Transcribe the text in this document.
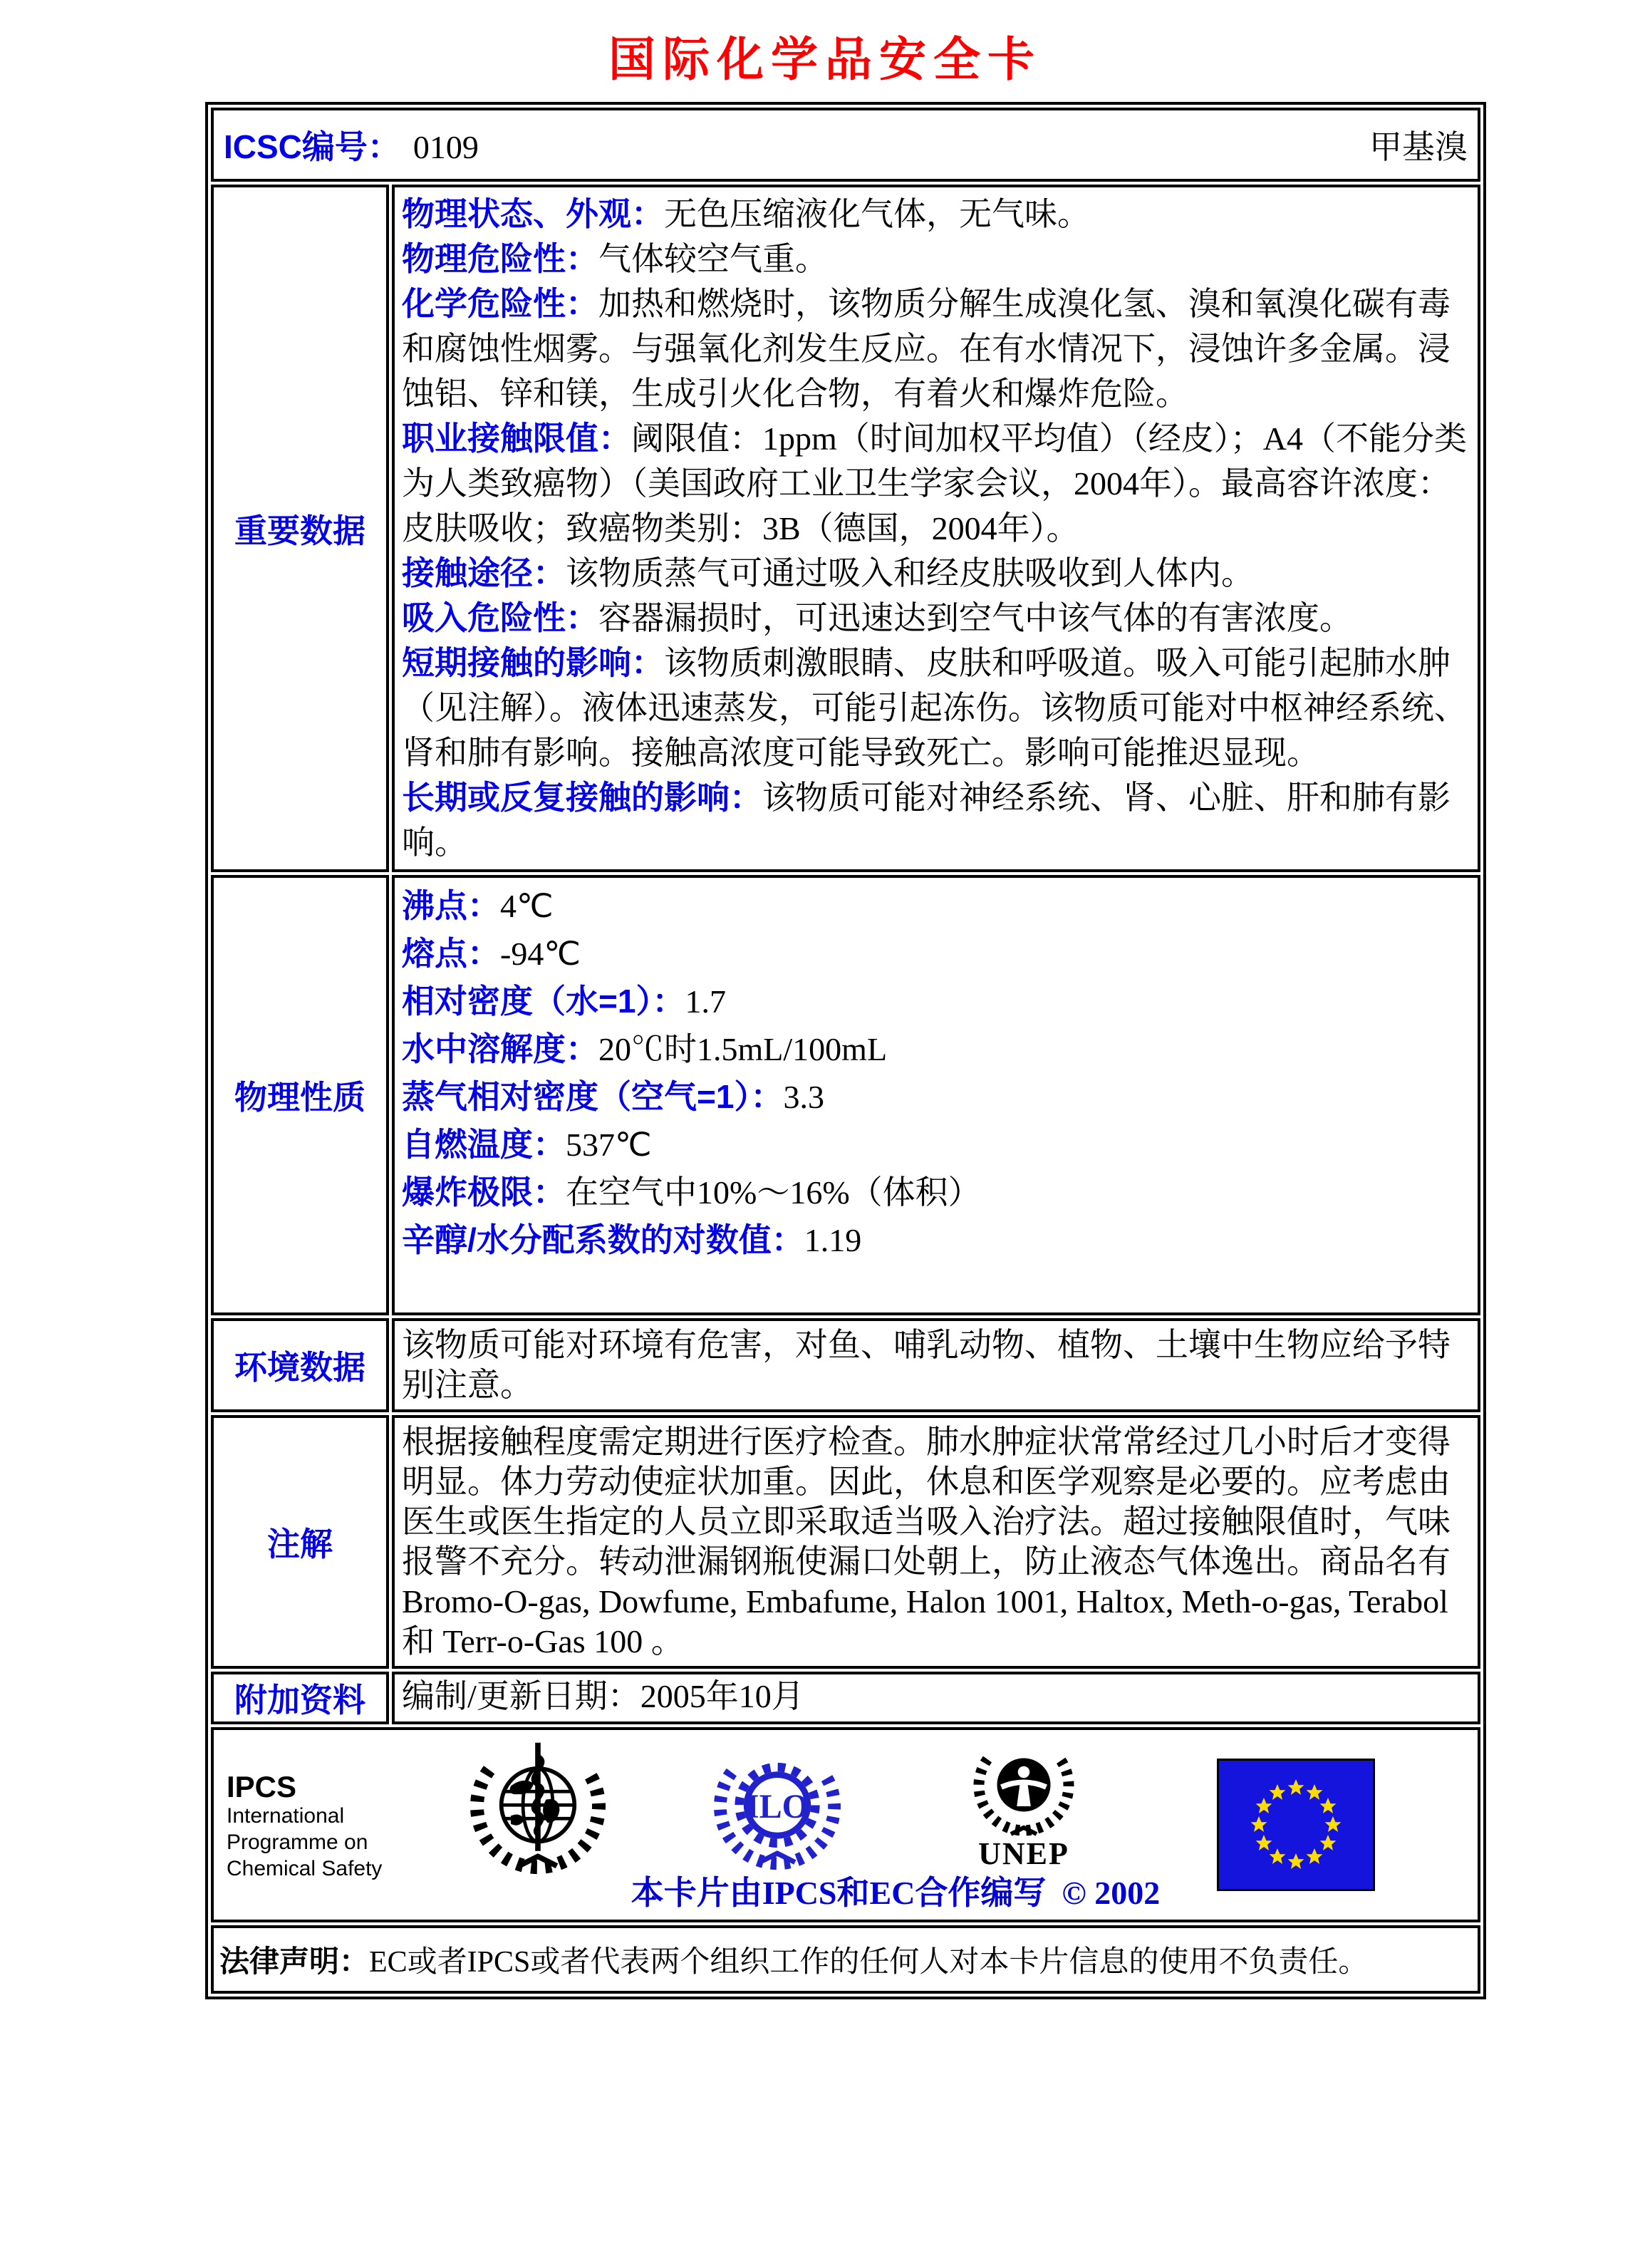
国际化学品安全卡
ICSC编号： 0109	甲基溴
重要数据
物理状态、外观：无色压缩液化气体，无气味。
物理危险性：气体较空气重。
化学危险性：加热和燃烧时，该物质分解生成溴化氢、溴和氧溴化碳有毒和腐蚀性烟雾。与强氧化剂发生反应。在有水情况下，浸蚀许多金属。浸蚀铝、锌和镁，生成引火化合物，有着火和爆炸危险。
职业接触限值：阈限值：1ppm（时间加权平均值）（经皮）；A4（不能分类为人类致癌物）（美国政府工业卫生学家会议，2004年）。最高容许浓度：皮肤吸收；致癌物类别：3B（德国，2004年）。
接触途径：该物质蒸气可通过吸入和经皮肤吸收到人体内。
吸入危险性：容器漏损时，可迅速达到空气中该气体的有害浓度。
短期接触的影响：该物质刺激眼睛、皮肤和呼吸道。吸入可能引起肺水肿（见注解）。液体迅速蒸发，可能引起冻伤。该物质可能对中枢神经系统、肾和肺有影响。接触高浓度可能导致死亡。影响可能推迟显现。
长期或反复接触的影响：该物质可能对神经系统、肾、心脏、肝和肺有影响。
物理性质
沸点：4℃
熔点：-94℃
相对密度（水=1）：1.7
水中溶解度：20℃时1.5mL/100mL
蒸气相对密度（空气=1）：3.3
自燃温度：537℃
爆炸极限：在空气中10%～16%（体积）
辛醇/水分配系数的对数值：1.19
环境数据
该物质可能对环境有危害，对鱼、哺乳动物、植物、土壤中生物应给予特别注意。
注解
根据接触程度需定期进行医疗检查。肺水肿症状常常经过几小时后才变得明显。体力劳动使症状加重。因此，休息和医学观察是必要的。应考虑由医生或医生指定的人员立即采取适当吸入治疗法。超过接触限值时，气味报警不充分。转动泄漏钢瓶使漏口处朝上，防止液态气体逸出。商品名有Bromo-O-gas, Dowfume, Embafume, Halon 1001, Haltox, Meth-o-gas, Terabol 和 Terr-o-Gas 100 。
附加资料	编制/更新日期：2005年10月
IPCS
International
Programme on
Chemical Safety
ILO
UNEP
本卡片由IPCS和EC合作编写 © 2002
法律声明： EC或者IPCS或者代表两个组织工作的任何人对本卡片信息的使用不负责任。
